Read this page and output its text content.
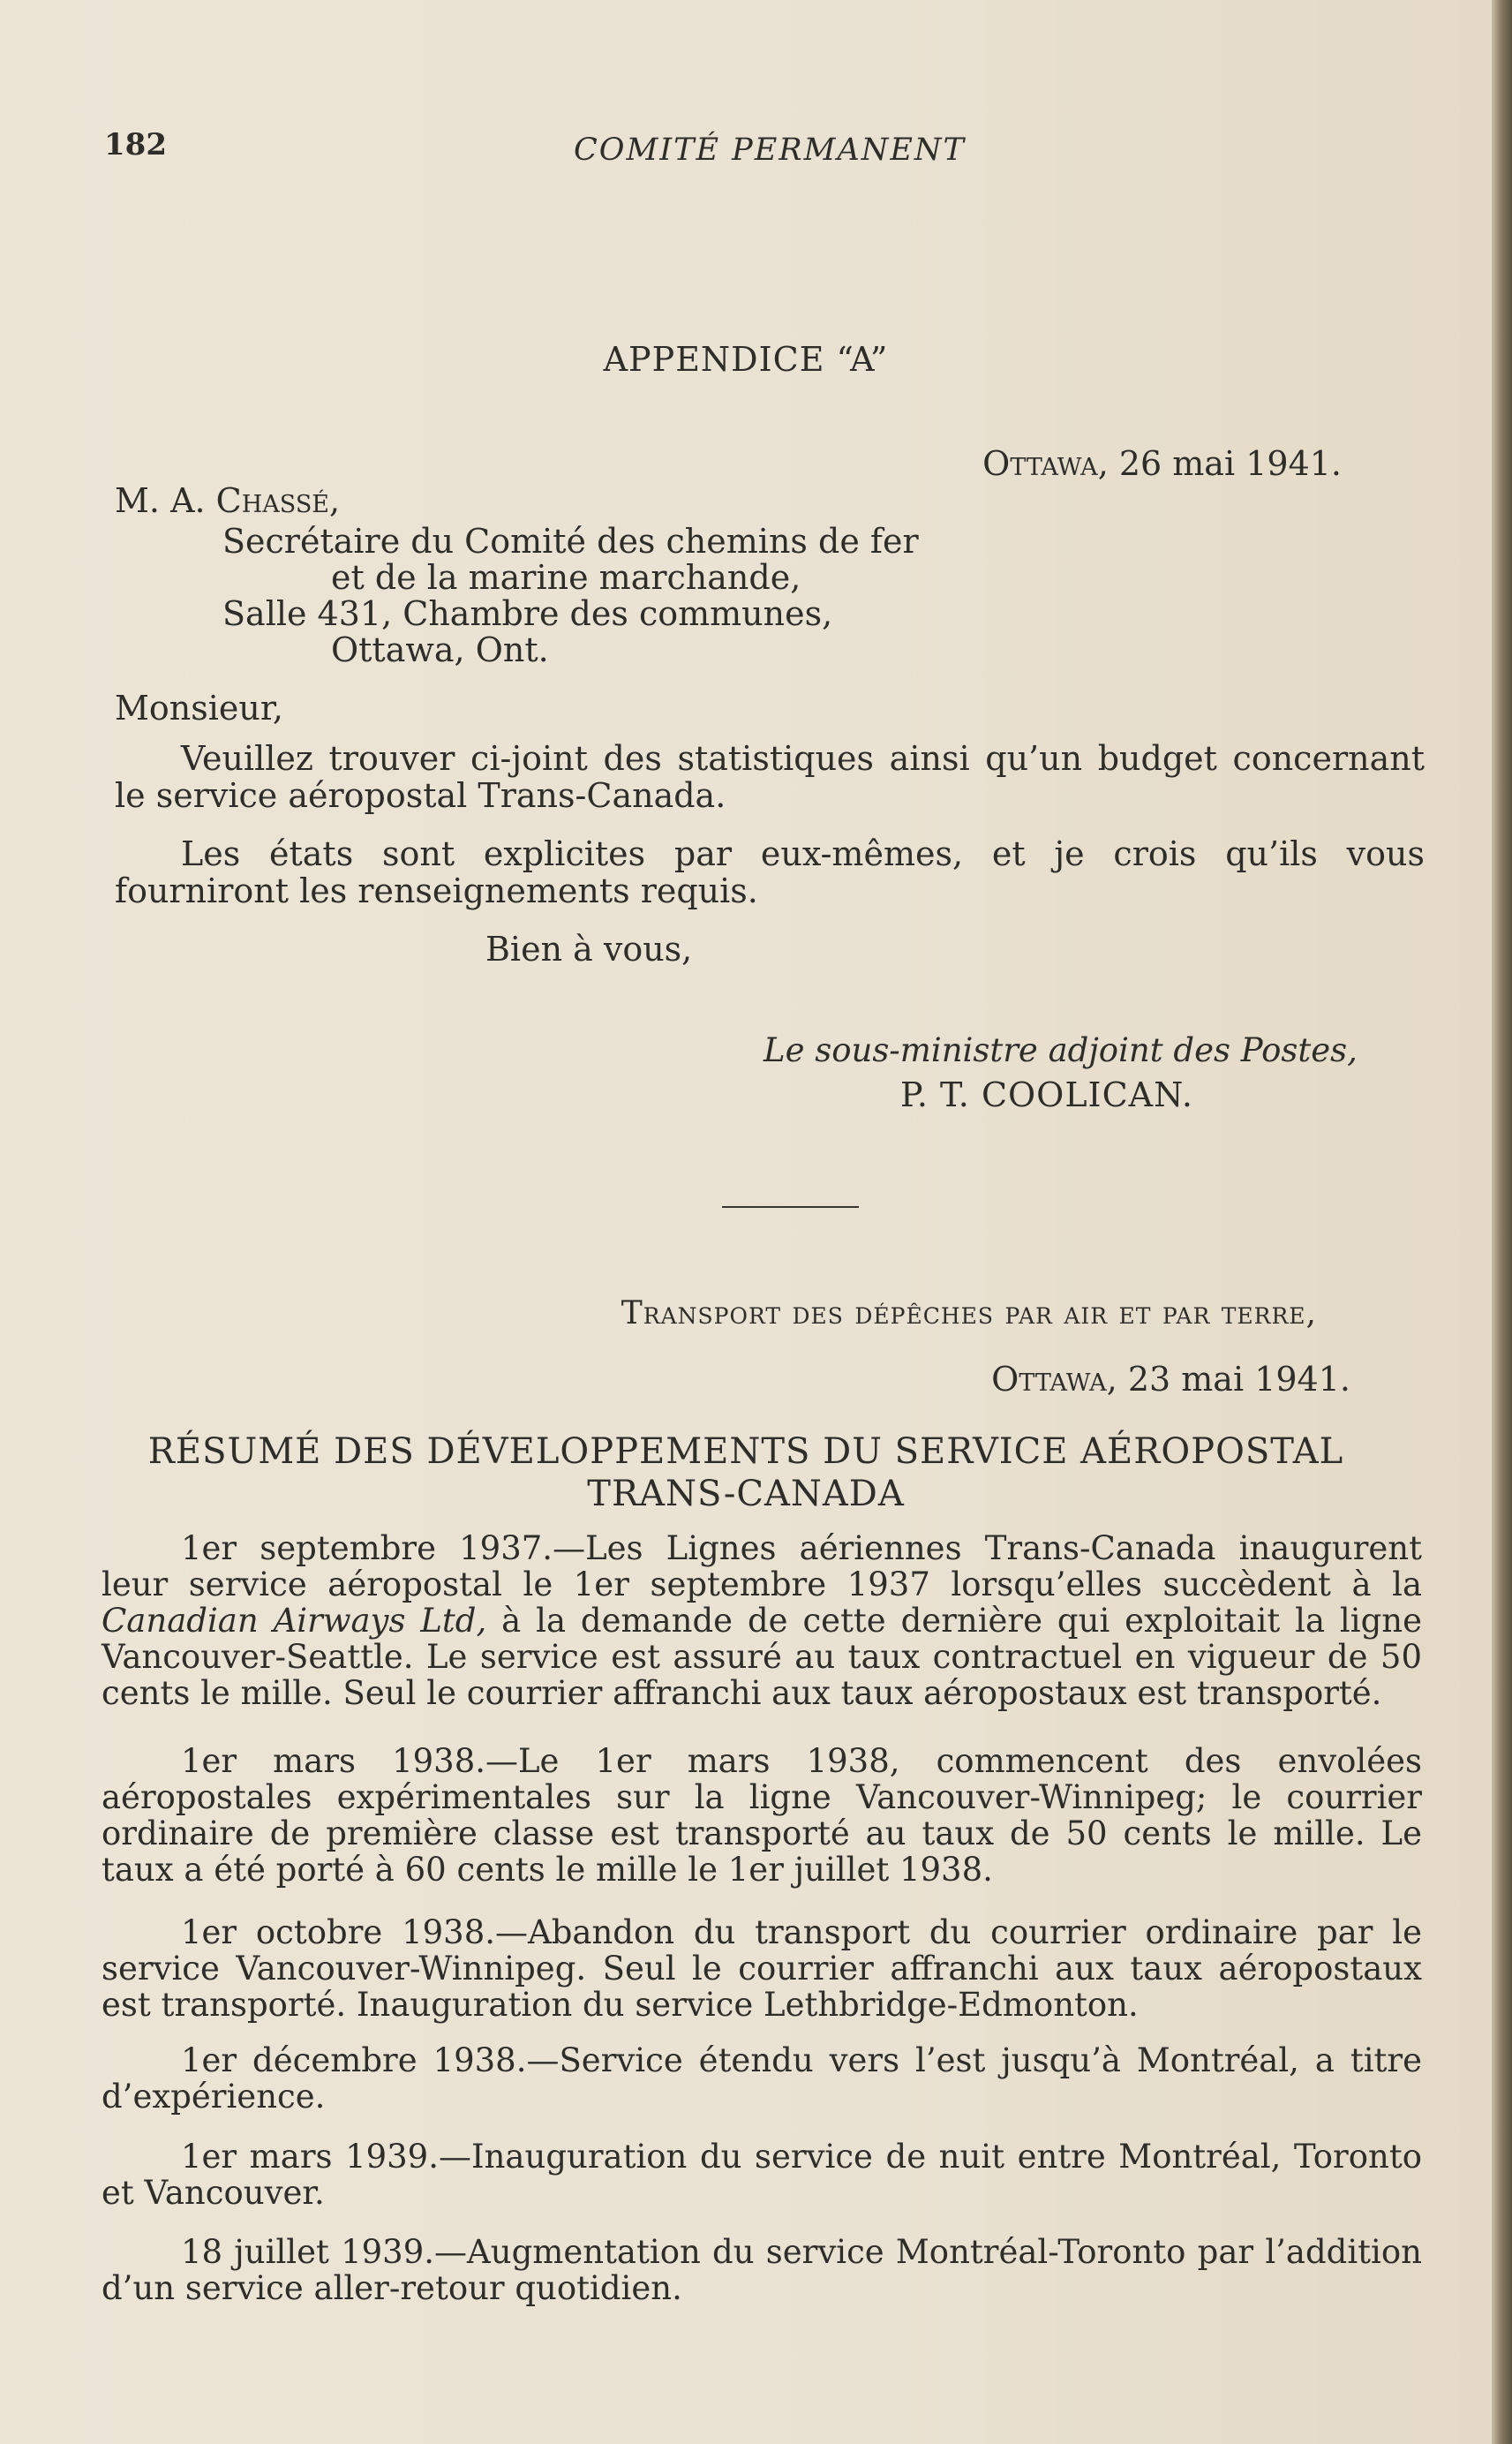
182	COMITÉ PERMANENT
APPENDICE “A”
Ottawa, 26 mai 1941.
M. A. Chassé,
Secrétaire du Comité des chemins de fer
et de la marine marchande,
Salle 431, Chambre des communes,
Ottawa, Ont.
Monsieur,
Veuillez trouver ci-joint des statistiques ainsi qu’un budget concernant le service aéropostal Trans-Canada.
Les états sont explicites par eux-mêmes, et je crois qu’ils vous fourniront les renseignements requis.
Bien à vous,
Le sous-ministre adjoint des Postes,
P. T. COOLICAN.
Transport des dépêches par air et par terre,
Ottawa, 23 mai 1941.
RÉSUMÉ DES DÉVELOPPEMENTS DU SERVICE AÉROPOSTAL
TRANS-CANADA
1er septembre 1937.—Les Lignes aériennes Trans-Canada inaugurent leur service aéropostal le 1er septembre 1937 lorsqu’elles succèdent à la Canadian Airways Ltd, à la demande de cette dernière qui exploitait la ligne Vancouver-Seattle. Le service est assuré au taux contractuel en vigueur de 50 cents le mille. Seul le courrier affranchi aux taux aéropostaux est transporté.
1er mars 1938.—Le 1er mars 1938, commencent des envolées aéropostales expérimentales sur la ligne Vancouver-Winnipeg; le courrier ordinaire de première classe est transporté au taux de 50 cents le mille. Le taux a été porté à 60 cents le mille le 1er juillet 1938.
1er octobre 1938.—Abandon du transport du courrier ordinaire par le service Vancouver-Winnipeg. Seul le courrier affranchi aux taux aéropostaux est transporté. Inauguration du service Lethbridge-Edmonton.
1er décembre 1938.—Service étendu vers l’est jusqu’à Montréal, a titre d’expérience.
1er mars 1939.—Inauguration du service de nuit entre Montréal, Toronto et Vancouver.
18 juillet 1939.—Augmentation du service Montréal-Toronto par l’addition d’un service aller-retour quotidien.
